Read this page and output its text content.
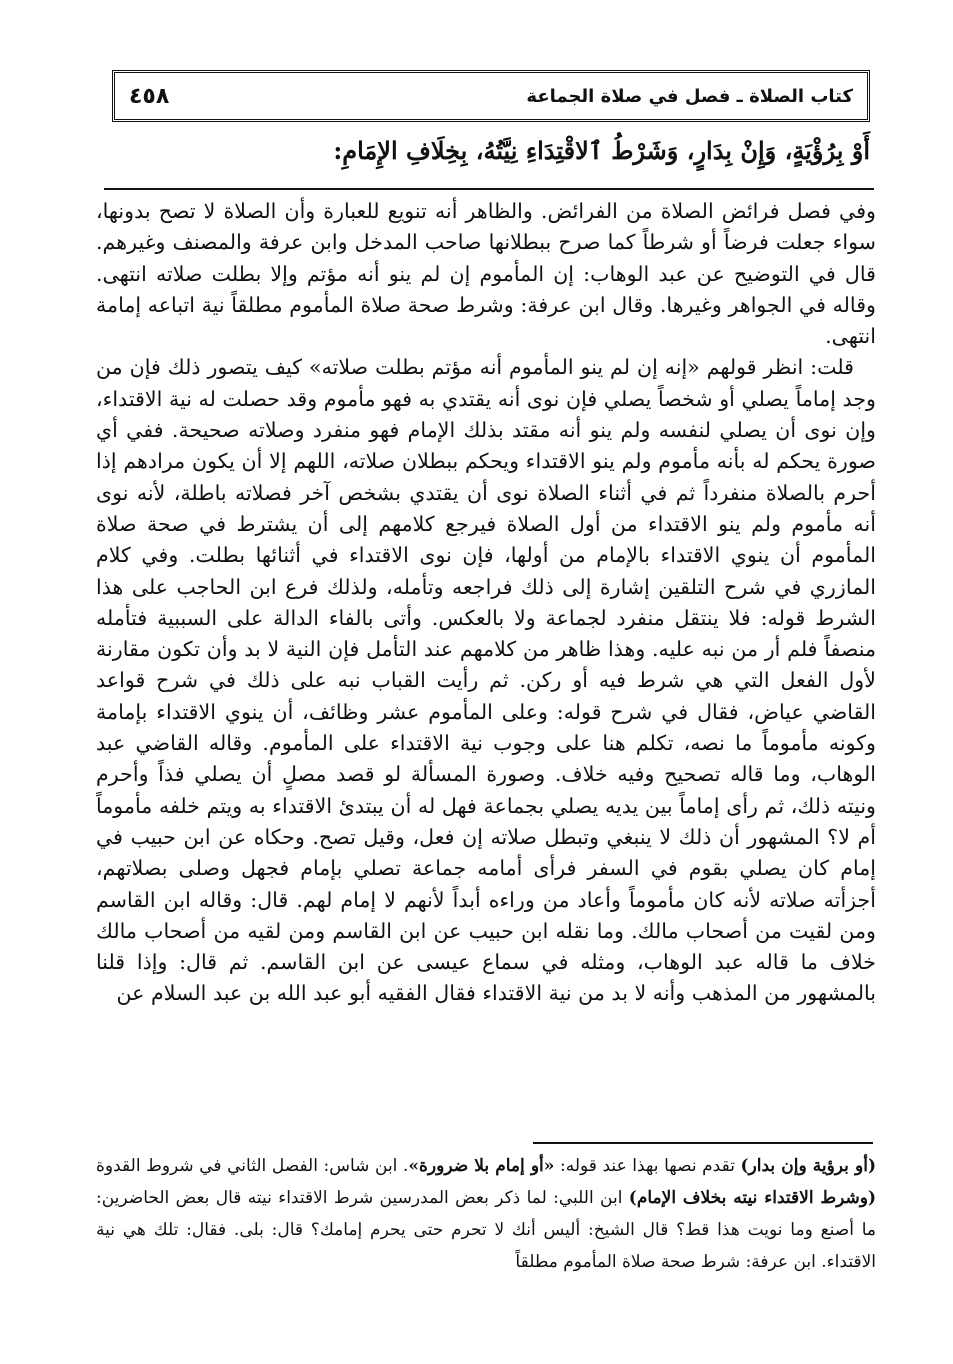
٤٥٨	كتاب الصلاة ـ فصل في صلاة الجماعة
أَوْ بِرُؤْيَةٍ، وَإِنْ بِدَارٍ، وَشَرْطُ ٱلاقْتِدَاءِ نِيَّتُهُ، بِخِلَافِ الإِمَامِ:

وفي فصل فرائض الصلاة من الفرائض. والظاهر أنه تنويع للعبارة وأن الصلاة لا تصح بدونها، سواء جعلت فرضاً أو شرطاً كما صرح ببطلانها صاحب المدخل وابن عرفة والمصنف وغيرهم. قال في التوضيح عن عبد الوهاب: إن المأموم إن لم ينو أنه مؤتم وإلا بطلت صلاته انتهى. وقاله في الجواهر وغيرها. وقال ابن عرفة: وشرط صحة صلاة المأموم مطلقاً نية اتباعه إمامة انتهى.

قلت: انظر قولهم «إنه إن لم ينو المأموم أنه مؤتم بطلت صلاته» كيف يتصور ذلك فإن من وجد إماماً يصلي أو شخصاً يصلي فإن نوى أنه يقتدي به فهو مأموم وقد حصلت له نية الاقتداء، وإن نوى أن يصلي لنفسه ولم ينو أنه مقتد بذلك الإمام فهو منفرد وصلاته صحيحة. ففي أي صورة يحكم له بأنه مأموم ولم ينو الاقتداء ويحكم ببطلان صلاته، اللهم إلا أن يكون مرادهم إذا أحرم بالصلاة منفرداً ثم في أثناء الصلاة نوى أن يقتدي بشخص آخر فصلاته باطلة، لأنه نوى أنه مأموم ولم ينو الاقتداء من أول الصلاة فيرجع كلامهم إلى أن يشترط في صحة صلاة المأموم أن ينوي الاقتداء بالإمام من أولها، فإن نوى الاقتداء في أثنائها بطلت. وفي كلام المازري في شرح التلقين إشارة إلى ذلك فراجعه وتأمله، ولذلك فرع ابن الحاجب على هذا الشرط قوله: فلا ينتقل منفرد لجماعة ولا بالعكس. وأتى بالفاء الدالة على السببية فتأمله منصفاً فلم أر من نبه عليه. وهذا ظاهر من كلامهم عند التأمل فإن النية لا بد وأن تكون مقارنة لأول الفعل التي هي شرط فيه أو ركن. ثم رأيت القباب نبه على ذلك في شرح قواعد القاضي عياض، فقال في شرح قوله: وعلى المأموم عشر وظائف، أن ينوي الاقتداء بإمامة وكونه مأموماً ما نصه، تكلم هنا على وجوب نية الاقتداء على المأموم. وقاله القاضي عبد الوهاب، وما قاله تصحيح وفيه خلاف. وصورة المسألة لو قصد مصلٍ أن يصلي فذاً وأحرم ونيته ذلك، ثم رأى إماماً بين يديه يصلي بجماعة فهل له أن يبتدئ الاقتداء به ويتم خلفه مأموماً أم لا؟ المشهور أن ذلك لا ينبغي وتبطل صلاته إن فعل، وقيل تصح. وحكاه عن ابن حبيب في إمام كان يصلي بقوم في السفر فرأى أمامه جماعة تصلي بإمام فجهل وصلى بصلاتهم، أجزأته صلاته لأنه كان مأموماً وأعاد من وراءه أبداً لأنهم لا إمام لهم. قال: وقاله ابن القاسم ومن لقيت من أصحاب مالك. وما نقله ابن حبيب عن ابن القاسم ومن لقيه من أصحاب مالك خلاف ما قاله عبد الوهاب، ومثله في سماع عيسى عن ابن القاسم. ثم قال: وإذا قلنا بالمشهور من المذهب وأنه لا بد من نية الاقتداء فقال الفقيه أبو عبد الله بن عبد السلام عن

(أو برؤية وإن بدار) تقدم نصها بهذا عند قوله: «أو إمام بلا ضرورة». ابن شاس: الفصل الثاني في شروط القدوة (وشرط الاقتداء نيته بخلاف الإمام) ابن اللبي: لما ذكر بعض المدرسين شرط الاقتداء نيته قال بعض الحاضرين: ما أصنع وما نويت هذا قط؟ قال الشيخ: أليس أنك لا تحرم حتى يحرم إمامك؟ قال: بلى. فقال: تلك هي نية الاقتداء. ابن عرفة: شرط صحة صلاة المأموم مطلقاً
